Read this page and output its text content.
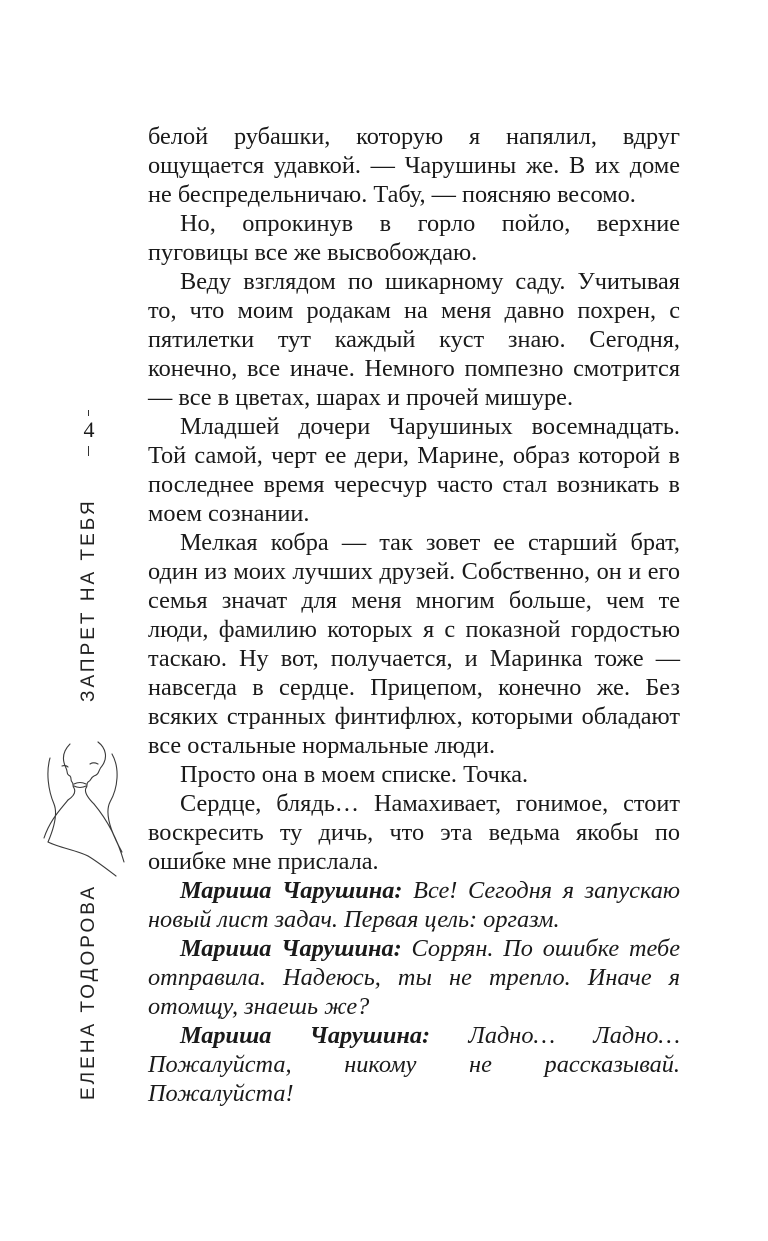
4
ЗАПРЕТ НА ТЕБЯ
ЕЛЕНА ТОДОРОВА

белой рубашки, которую я напялил, вдруг ощущается удавкой. — Чарушины же. В их доме не беспредельничаю. Табу, — поясняю весомо.

Но, опрокинув в горло пойло, верхние пуговицы все же высвобождаю.

Веду взглядом по шикарному саду. Учитывая то, что моим родакам на меня давно похрен, с пятилетки тут каждый куст знаю. Сегодня, конечно, все иначе. Немного помпезно смотрится — все в цветах, шарах и прочей мишуре.

Младшей дочери Чарушиных восемнадцать. Той самой, черт ее дери, Марине, образ которой в последнее время чересчур часто стал возникать в моем сознании.

Мелкая кобра — так зовет ее старший брат, один из моих лучших друзей. Собственно, он и его семья значат для меня многим больше, чем те люди, фамилию которых я с показной гордостью таскаю. Ну вот, получается, и Маринка тоже — навсегда в сердце. Прицепом, конечно же. Без всяких странных финтифлюх, которыми обладают все остальные нормальные люди.

Просто она в моем списке. Точка.

Сердце, блядь… Намахивает, гонимое, стоит воскресить ту дичь, что эта ведьма якобы по ошибке мне прислала.

Мариша Чарушина: Все! Сегодня я запускаю новый лист задач. Первая цель: оргазм.

Мариша Чарушина: Соррян. По ошибке тебе отправила. Надеюсь, ты не трепло. Иначе я отомщу, знаешь же?

Мариша Чарушина: Ладно… Ладно… Пожалуйста, никому не рассказывай. Пожалуйста!
